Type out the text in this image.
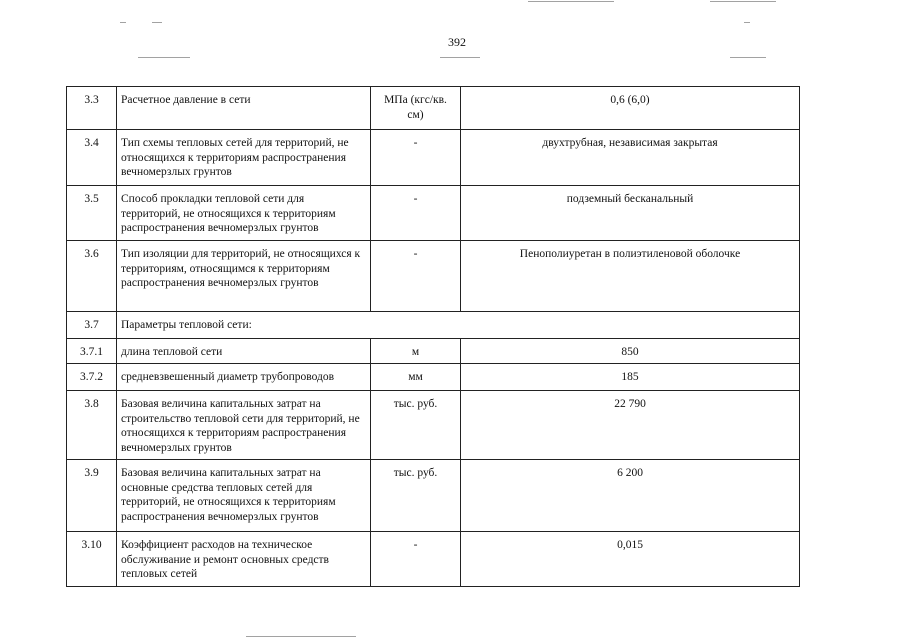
392
3.3	Расчетное давление в сети	МПа (кгс/кв. см)	0,6 (6,0)
3.4	Тип схемы тепловых сетей для территорий, не относящихся к территориям распространения вечномерзлых грунтов	-	двухтрубная, независимая закрытая
3.5	Способ прокладки тепловой сети для территорий, не относящихся к территориям распространения вечномерзлых грунтов	-	подземный бесканальный
3.6	Тип изоляции для территорий, не относящихся к территориям, относящимся к территориям распространения вечномерзлых грунтов	-	Пенополиуретан в полиэтиленовой оболочке
3.7	Параметры тепловой сети:		
3.7.1	длина тепловой сети	м	850
3.7.2	средневзвешенный диаметр трубопроводов	мм	185
3.8	Базовая величина капитальных затрат на строительство тепловой сети для территорий, не относящихся к территориям распространения вечномерзлых грунтов	тыс. руб.	22 790
3.9	Базовая величина капитальных затрат на основные средства тепловых сетей для территорий, не относящихся к территориям распространения вечномерзлых грунтов	тыс. руб.	6 200
3.10	Коэффициент расходов на техническое обслуживание и ремонт основных средств тепловых сетей	-	0,015
